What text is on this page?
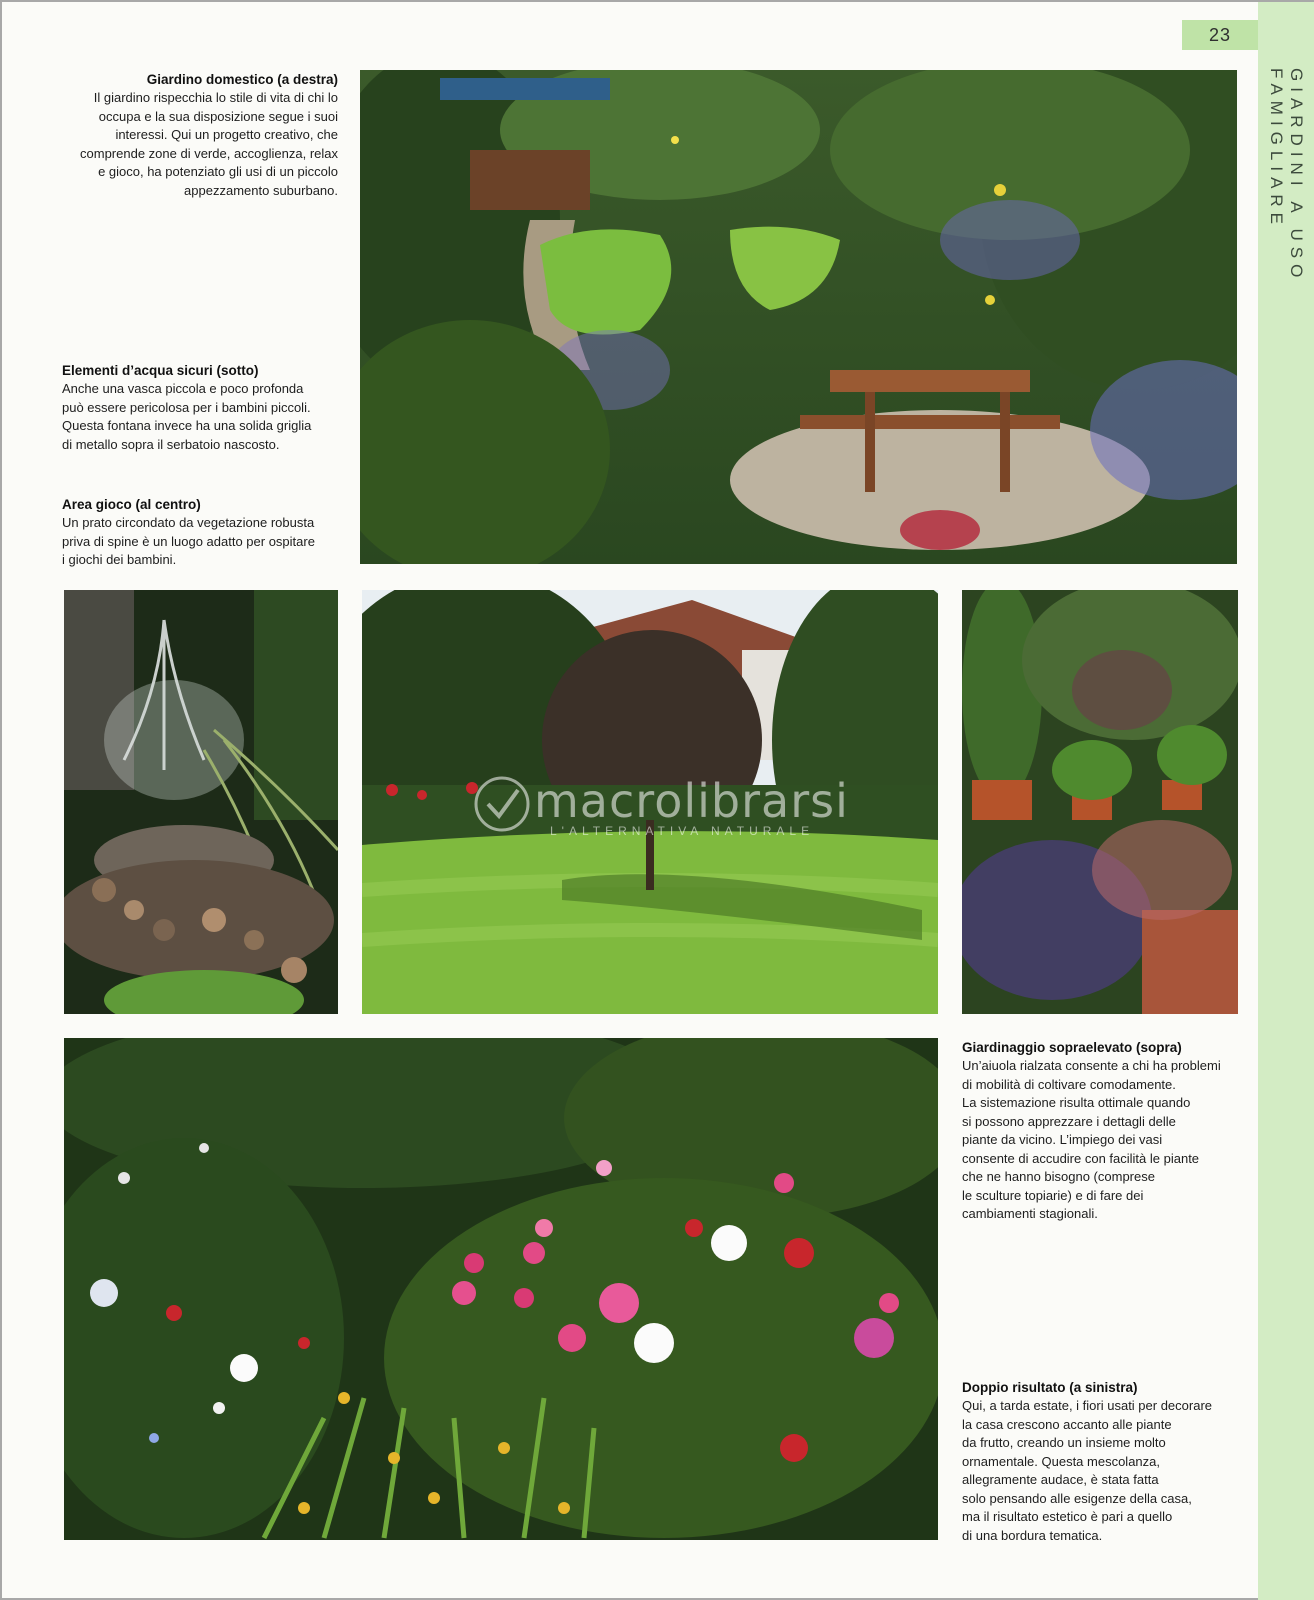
23
GIARDINI A USO FAMIGLIARE
Giardino domestico (a destra)

Il giardino rispecchia lo stile di vita di chi lo

occupa e la sua disposizione segue i suoi

interessi. Qui un progetto creativo, che

comprende zone di verde, accoglienza, relax

e gioco, ha potenziato gli usi di un piccolo

appezzamento suburbano.

Elementi d’acqua sicuri (sotto)

Anche una vasca piccola e poco profonda

può essere pericolosa per i bambini piccoli.

Questa fontana invece ha una solida griglia

di metallo sopra il serbatoio nascosto.

Area gioco (al centro)

Un prato circondato da vegetazione robusta

priva di spine è un luogo adatto per ospitare

i giochi dei bambini.

Giardinaggio sopraelevato (sopra)

Un’aiuola rialzata consente a chi ha problemi

di mobilità di coltivare comodamente.

La sistemazione risulta ottimale quando

si possono apprezzare i dettagli delle

piante da vicino. L’impiego dei vasi

consente di accudire con facilità le piante

che ne hanno bisogno (comprese

le sculture topiarie) e di fare dei

cambiamenti stagionali.

Doppio risultato (a sinistra)

Qui, a tarda estate, i fiori usati per decorare

la casa crescono accanto alle piante

da frutto, creando un insieme molto

ornamentale. Questa mescolanza,

allegramente audace, è stata fatta

solo pensando alle esigenze della casa,

ma il risultato estetico è pari a quello

di una bordura tematica.

macrolibrarsi
L'ALTERNATIVA NATURALE
